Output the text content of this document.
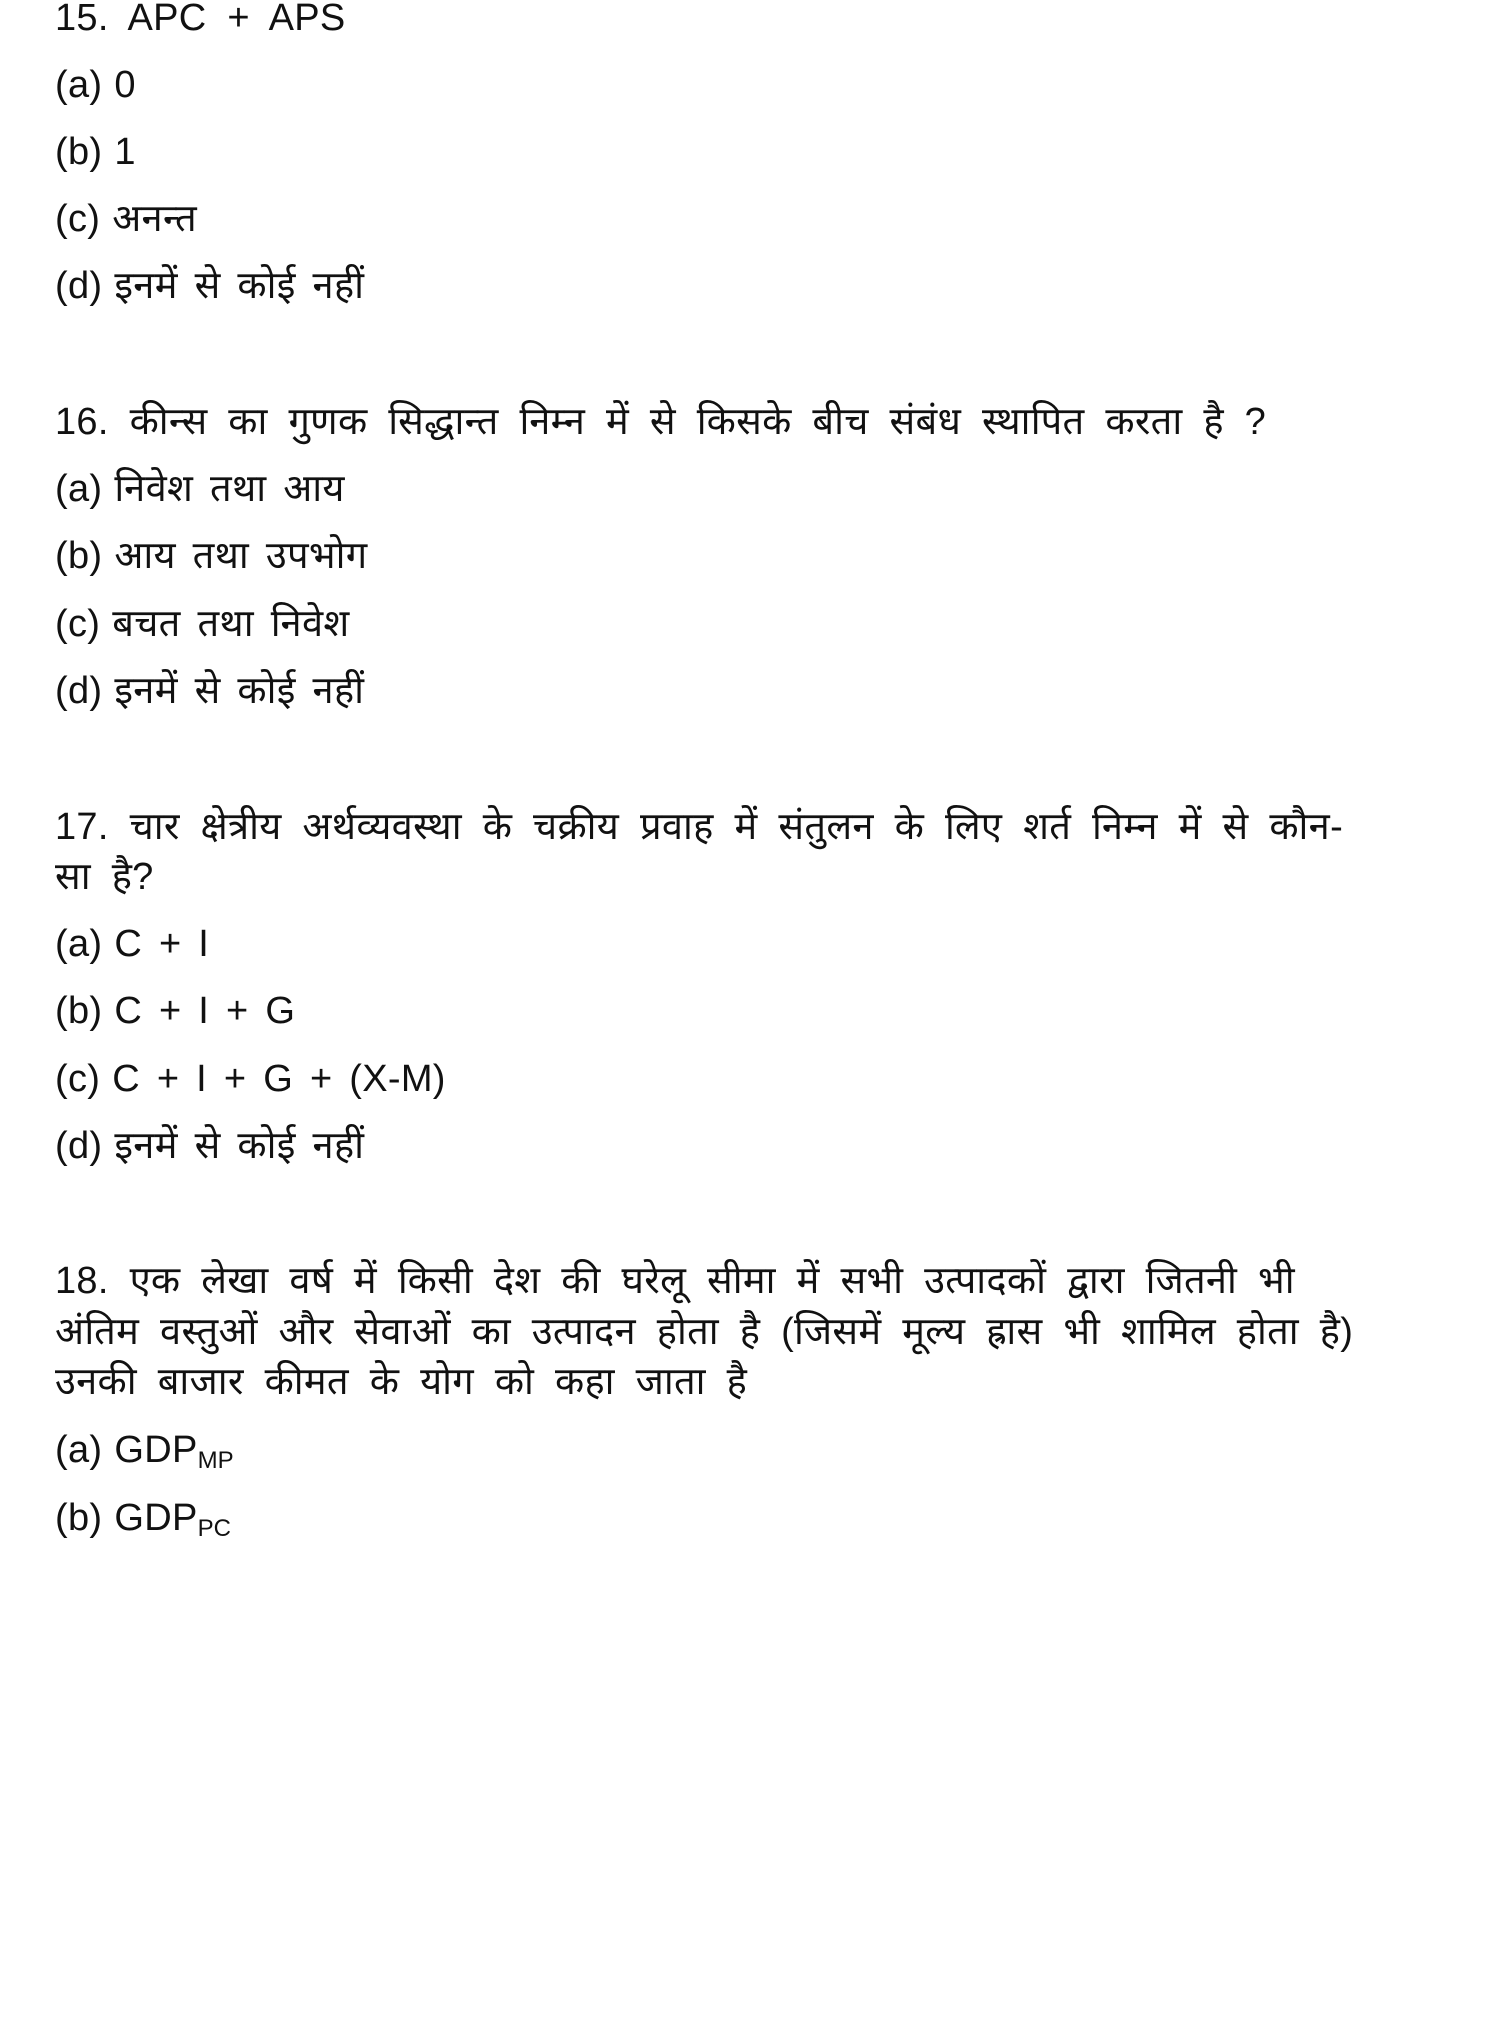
15. APC + APS
(a) 0
(b) 1
(c) अनन्त
(d) इनमें से कोई नहीं
16. कीन्स का गुणक सिद्धान्त निम्न में से किसके बीच संबंध स्थापित करता है ?
(a) निवेश तथा आय
(b) आय तथा उपभोग
(c) बचत तथा निवेश
(d) इनमें से कोई नहीं
17. चार क्षेत्रीय अर्थव्यवस्था के चक्रीय प्रवाह में संतुलन के लिए शर्त निम्न में से कौन-
सा है?
(a) C + I
(b) C + I + G
(c) C + I + G + (X-M)
(d) इनमें से कोई नहीं
18. एक लेखा वर्ष में किसी देश की घरेलू सीमा में सभी उत्पादकों द्वारा जितनी भी
अंतिम वस्तुओं और सेवाओं का उत्पादन होता है (जिसमें मूल्य ह्रास भी शामिल होता है)
उनकी बाजार कीमत के योग को कहा जाता है
(a) $GDP_{MP}$
(b) $GDP_{PC}$
